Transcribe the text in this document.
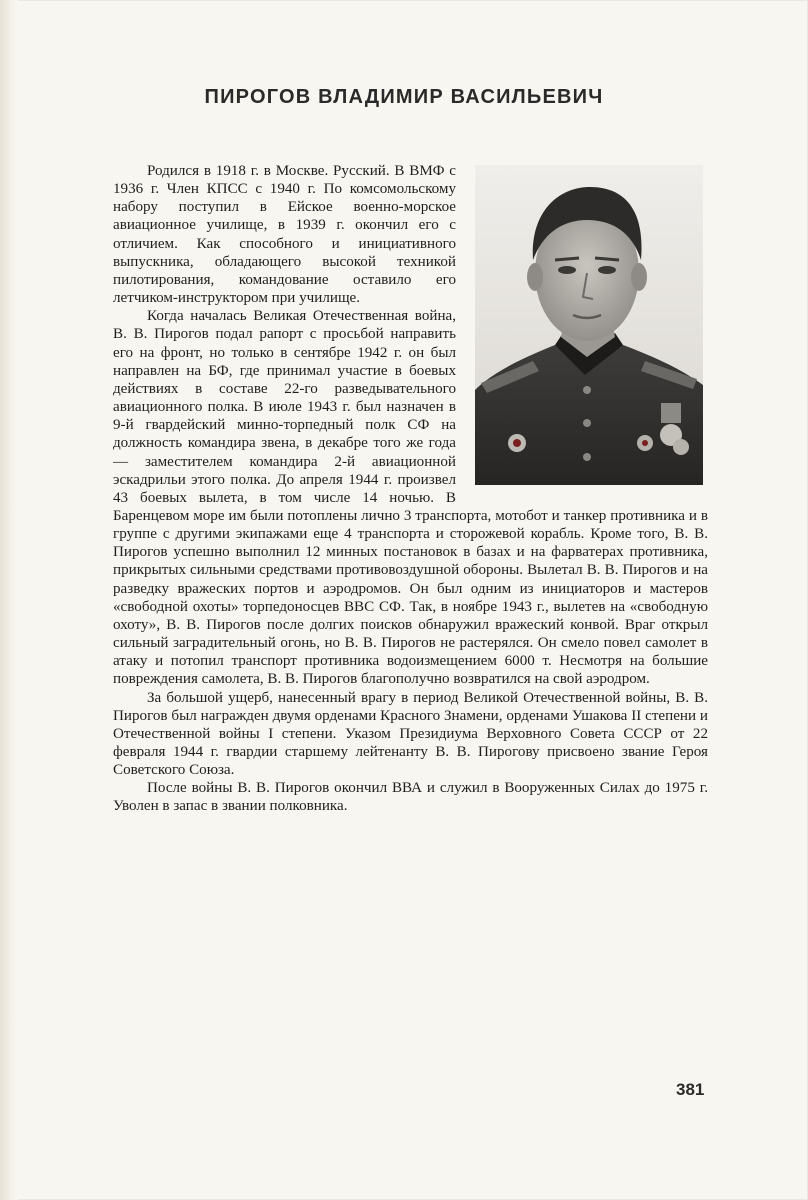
ПИРОГОВ ВЛАДИМИР ВАСИЛЬЕВИЧ

Родился в 1918 г. в Москве. Русский. В ВМФ с 1936 г. Член КПСС с 1940 г. По комсомольскому набору поступил в Ейское военно-морское авиационное училище, в 1939 г. окончил его с отличием. Как способного и инициативного выпускника, обладающего высокой техникой пилотирования, командование оставило его летчиком-инструктором при училище.

Когда началась Великая Отечественная война, В. В. Пирогов подал рапорт с просьбой направить его на фронт, но только в сентябре 1942 г. он был направлен на БФ, где принимал участие в боевых действиях в составе 22-го разведывательного авиационного полка. В июле 1943 г. был назначен в 9-й гвардейский минно-торпедный полк СФ на должность командира звена, в декабре того же года — заместителем командира 2-й авиационной эскадрильи этого полка. До апреля 1944 г. произвел 43 боевых вылета, в том числе 14 ночью. В Баренцевом море им были потоплены лично 3 транспорта, мотобот и танкер противника и в группе с другими экипажами еще 4 транспорта и сторожевой корабль. Кроме того, В. В. Пирогов успешно выполнил 12 минных постановок в базах и на фарватерах противника, прикрытых сильными средствами противовоздушной обороны. Вылетал В. В. Пирогов и на разведку вражеских портов и аэродромов. Он был одним из инициаторов и мастеров «свободной охоты» торпедоносцев ВВС СФ. Так, в ноябре 1943 г., вылетев на «свободную охоту», В. В. Пирогов после долгих поисков обнаружил вражеский конвой. Враг открыл сильный заградительный огонь, но В. В. Пирогов не растерялся. Он смело повел самолет в атаку и потопил транспорт противника водоизмещением 6000 т. Несмотря на большие повреждения самолета, В. В. Пирогов благополучно возвратился на свой аэродром.

За большой ущерб, нанесенный врагу в период Великой Отечественной войны, В. В. Пирогов был награжден двумя орденами Красного Знамени, орденами Ушакова II степени и Отечественной войны I степени. Указом Президиума Верховного Совета СССР от 22 февраля 1944 г. гвардии старшему лейтенанту В. В. Пирогову присвоено звание Героя Советского Союза.

После войны В. В. Пирогов окончил ВВА и служил в Вооруженных Силах до 1975 г. Уволен в запас в звании полковника.

381
